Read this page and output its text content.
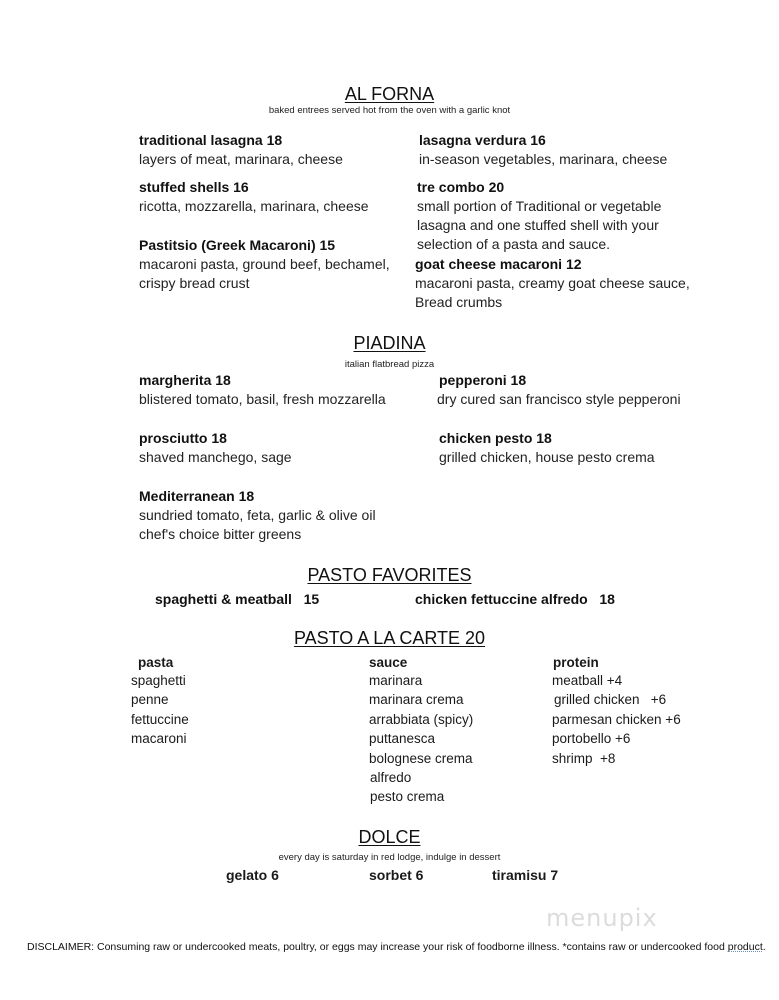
AL FORNA
baked entrees served hot from the oven with a garlic knot
traditional lasagna 18
layers of meat, marinara, cheese
lasagna verdura 16
in-season vegetables, marinara, cheese
stuffed shells 16
ricotta, mozzarella, marinara, cheese
tre combo 20
small portion of Traditional or vegetable
lasagna and one stuffed shell with your
selection of a pasta and sauce.
Pastitsio (Greek Macaroni) 15
macaroni pasta, ground beef, bechamel,
crispy bread crust
goat cheese macaroni 12
macaroni pasta, creamy goat cheese sauce,
Bread crumbs
PIADINA
italian flatbread pizza
margherita 18
blistered tomato, basil, fresh mozzarella
pepperoni 18
dry cured san francisco style pepperoni
prosciutto 18
shaved manchego, sage
chicken pesto 18
grilled chicken, house pesto crema
Mediterranean 18
sundried tomato, feta, garlic & olive oil
chef's choice bitter greens
PASTO FAVORITES
spaghetti & meatball   15	chicken fettuccine alfredo   18
PASTO A LA CARTE 20
pasta
spaghetti
penne
fettuccine
macaroni
sauce
marinara
marinara crema
arrabbiata (spicy)
puttanesca
bolognese crema
alfredo
pesto crema
protein
meatball +4
grilled chicken   +6
parmesan chicken +6
portobello +6
shrimp  +8
DOLCE
every day is saturday in red lodge, indulge in dessert
gelato 6	sorbet 6	tiramisu 7
menupix
DISCLAIMER: Consuming raw or undercooked meats, poultry, or eggs may increase your risk of foodborne illness. *contains raw or undercooked food product.
